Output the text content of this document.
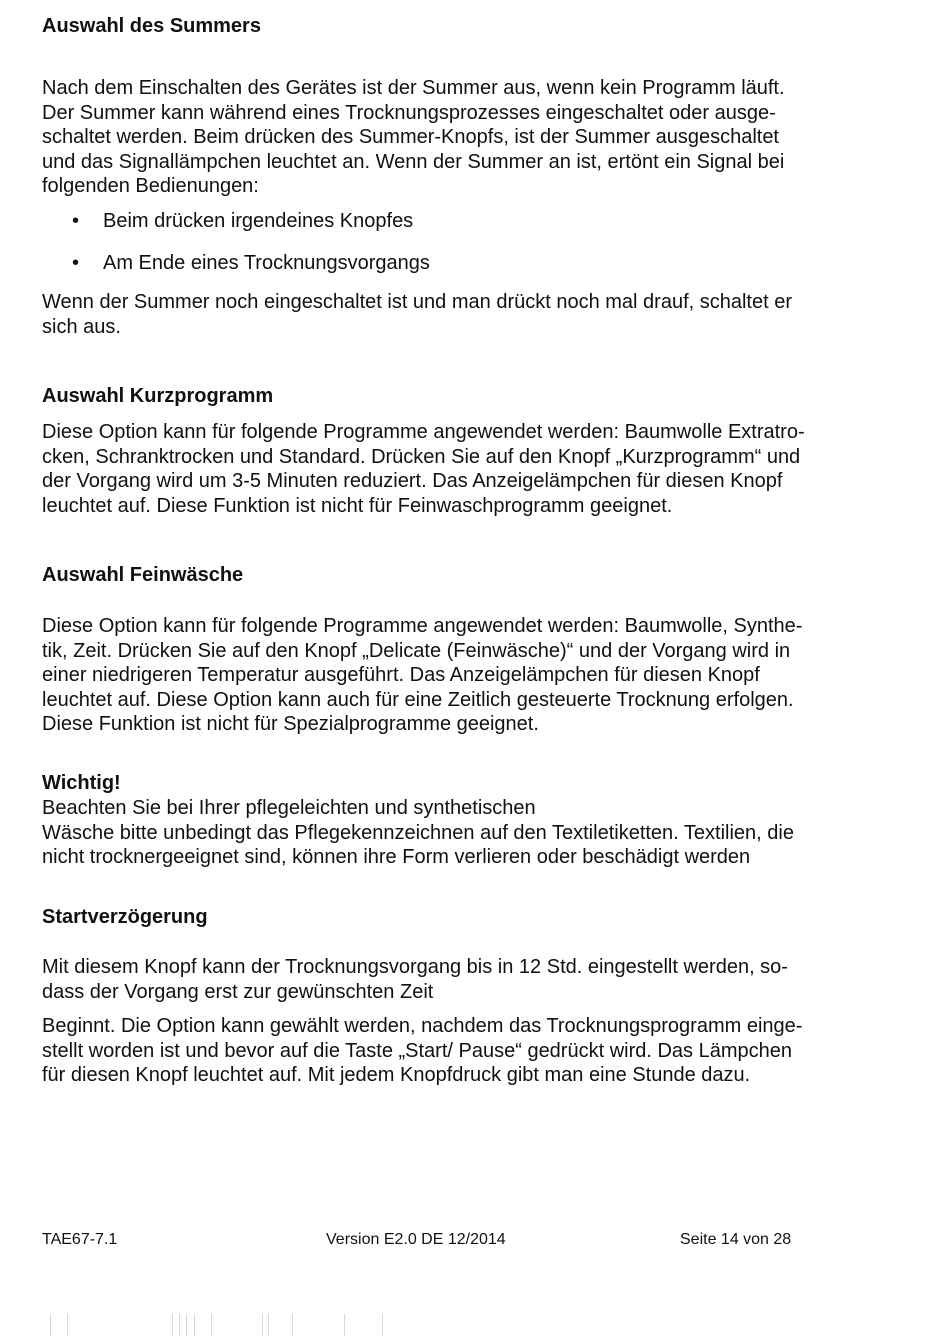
Auswahl des Summers
Nach dem Einschalten des Gerätes ist der Summer aus, wenn kein Programm läuft.
Der Summer kann während eines Trocknungsprozesses eingeschaltet oder ausge-
schaltet werden. Beim drücken des Summer-Knopfs, ist der Summer ausgeschaltet
und das Signallämpchen leuchtet an. Wenn der Summer an ist, ertönt ein Signal bei
folgenden Bedienungen:
• Beim drücken irgendeines Knopfes
• Am Ende eines Trocknungsvorgangs
Wenn der Summer noch eingeschaltet ist und man drückt noch mal drauf, schaltet er
sich aus.
Auswahl Kurzprogramm
Diese Option kann für folgende Programme angewendet werden: Baumwolle Extratro-
cken, Schranktrocken und Standard. Drücken Sie auf den Knopf „Kurzprogramm“ und
der Vorgang wird um 3-5 Minuten reduziert. Das Anzeigelämpchen für diesen Knopf
leuchtet auf. Diese Funktion ist nicht für Feinwaschprogramm geeignet.
Auswahl Feinwäsche
Diese Option kann für folgende Programme angewendet werden: Baumwolle, Synthe-
tik, Zeit. Drücken Sie auf den Knopf „Delicate (Feinwäsche)“ und der Vorgang wird in
einer niedrigeren Temperatur ausgeführt. Das Anzeigelämpchen für diesen Knopf
leuchtet auf. Diese Option kann auch für eine Zeitlich gesteuerte Trocknung erfolgen.
Diese Funktion ist nicht für Spezialprogramme geeignet.
Wichtig!
Beachten Sie bei Ihrer pflegeleichten und synthetischen
Wäsche bitte unbedingt das Pflegekennzeichnen auf den Textiletiketten. Textilien, die
nicht trocknergeeignet sind, können ihre Form verlieren oder beschädigt werden
Startverzögerung
Mit diesem Knopf kann der Trocknungsvorgang bis in 12 Std. eingestellt werden, so-
dass der Vorgang erst zur gewünschten Zeit
Beginnt. Die Option kann gewählt werden, nachdem das Trocknungsprogramm einge-
stellt worden ist und bevor auf die Taste „Start/ Pause“ gedrückt wird. Das Lämpchen
für diesen Knopf leuchtet auf. Mit jedem Knopfdruck gibt man eine Stunde dazu.
TAE67-7.1	Version E2.0 DE 12/2014	Seite 14 von 28
